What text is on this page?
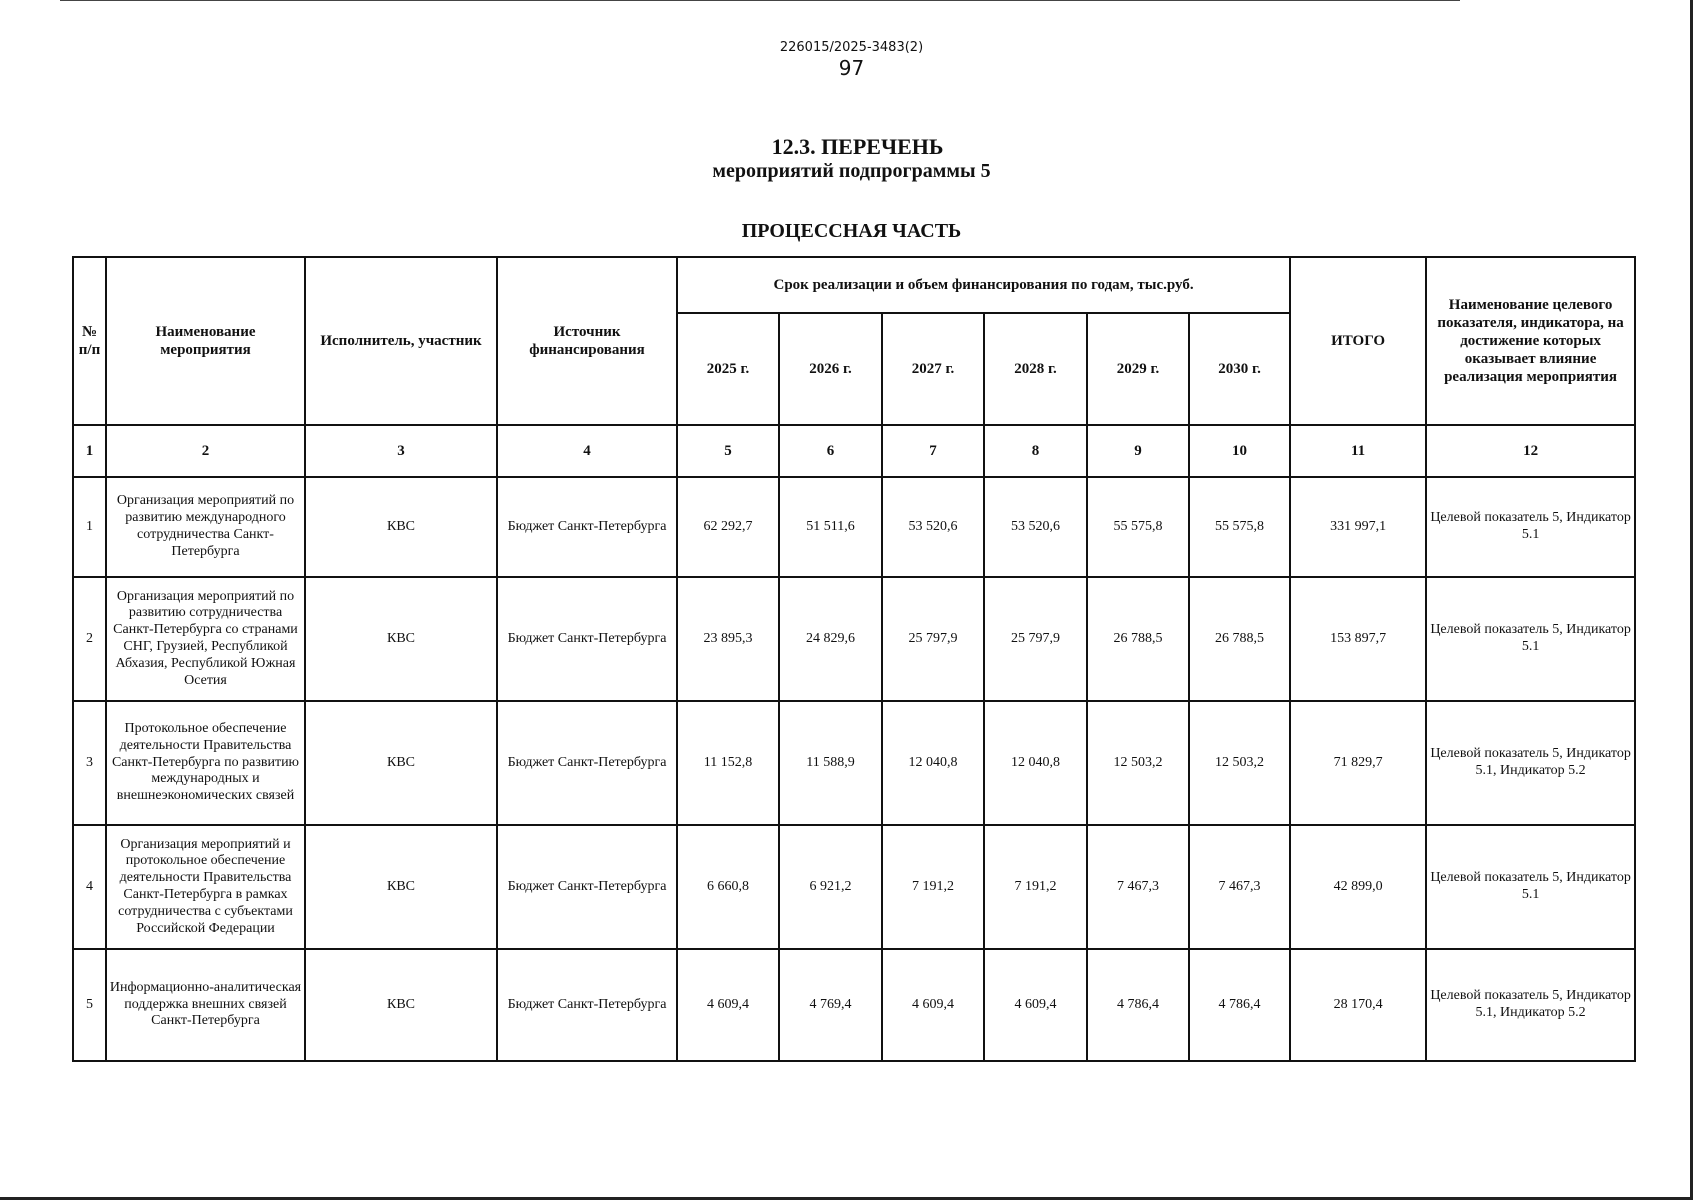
226015/2025-3483(2)
97
12.3. ПЕРЕЧЕНЬ
мероприятий подпрограммы 5
ПРОЦЕССНАЯ ЧАСТЬ
№ п/п	Наименование мероприятия	Исполнитель, участник	Источник финансирования	Срок реализации и объем финансирования по годам, тыс.руб.						ИТОГО	Наименование целевого показателя, индикатора, на достижение которых оказывает влияние реализация мероприятия
				2025 г.	2026 г.	2027 г.	2028 г.	2029 г.	2030 г.		
1	2	3	4	5	6	7	8	9	10	11	12
1	Организация мероприятий по развитию международного сотрудничества Санкт-Петербурга	КВС	Бюджет Санкт-Петербурга	62 292,7	51 511,6	53 520,6	53 520,6	55 575,8	55 575,8	331 997,1	Целевой показатель 5, Индикатор 5.1
2	Организация мероприятий по развитию сотрудничества Санкт-Петербурга со странами СНГ, Грузией, Республикой Абхазия, Республикой Южная Осетия	КВС	Бюджет Санкт-Петербурга	23 895,3	24 829,6	25 797,9	25 797,9	26 788,5	26 788,5	153 897,7	Целевой показатель 5, Индикатор 5.1
3	Протокольное обеспечение деятельности Правительства Санкт-Петербурга по развитию международных и внешнеэкономических связей	КВС	Бюджет Санкт-Петербурга	11 152,8	11 588,9	12 040,8	12 040,8	12 503,2	12 503,2	71 829,7	Целевой показатель 5, Индикатор 5.1, Индикатор 5.2
4	Организация мероприятий и протокольное обеспечение деятельности Правительства Санкт-Петербурга в рамках сотрудничества с субъектами Российской Федерации	КВС	Бюджет Санкт-Петербурга	6 660,8	6 921,2	7 191,2	7 191,2	7 467,3	7 467,3	42 899,0	Целевой показатель 5, Индикатор 5.1
5	Информационно-аналитическая поддержка внешних связей Санкт-Петербурга	КВС	Бюджет Санкт-Петербурга	4 609,4	4 769,4	4 609,4	4 609,4	4 786,4	4 786,4	28 170,4	Целевой показатель 5, Индикатор 5.1, Индикатор 5.2
